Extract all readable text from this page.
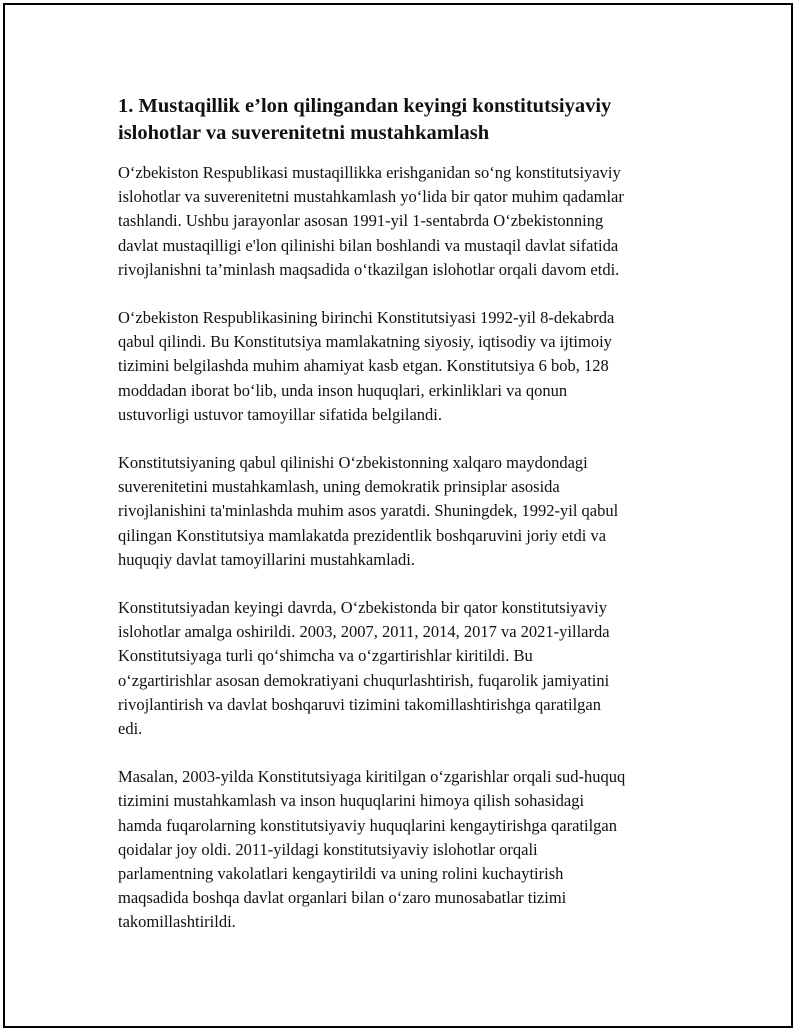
1. Mustaqillik e’lon qilingandan keyingi konstitutsiyaviy
islohotlar va suverenitetni mustahkamlash

O‘zbekiston Respublikasi mustaqillikka erishganidan so‘ng konstitutsiyaviy
islohotlar va suverenitetni mustahkamlash yo‘lida bir qator muhim qadamlar
tashlandi. Ushbu jarayonlar asosan 1991-yil 1-sentabrda O‘zbekistonning
davlat mustaqilligi e'lon qilinishi bilan boshlandi va mustaqil davlat sifatida
rivojlanishni ta’minlash maqsadida o‘tkazilgan islohotlar orqali davom etdi.

O‘zbekiston Respublikasining birinchi Konstitutsiyasi 1992-yil 8-dekabrda
qabul qilindi. Bu Konstitutsiya mamlakatning siyosiy, iqtisodiy va ijtimoiy
tizimini belgilashda muhim ahamiyat kasb etgan. Konstitutsiya 6 bob, 128
moddadan iborat bo‘lib, unda inson huquqlari, erkinliklari va qonun
ustuvorligi ustuvor tamoyillar sifatida belgilandi.

Konstitutsiyaning qabul qilinishi O‘zbekistonning xalqaro maydondagi
suverenitetini mustahkamlash, uning demokratik prinsiplar asosida
rivojlanishini ta'minlashda muhim asos yaratdi. Shuningdek, 1992-yil qabul
qilingan Konstitutsiya mamlakatda prezidentlik boshqaruvini joriy etdi va
huquqiy davlat tamoyillarini mustahkamladi.

Konstitutsiyadan keyingi davrda, O‘zbekistonda bir qator konstitutsiyaviy
islohotlar amalga oshirildi. 2003, 2007, 2011, 2014, 2017 va 2021-yillarda
Konstitutsiyaga turli qo‘shimcha va o‘zgartirishlar kiritildi. Bu
o‘zgartirishlar asosan demokratiyani chuqurlashtirish, fuqarolik jamiyatini
rivojlantirish va davlat boshqaruvi tizimini takomillashtirishga qaratilgan
edi.

Masalan, 2003-yilda Konstitutsiyaga kiritilgan o‘zgarishlar orqali sud-huquq
tizimini mustahkamlash va inson huquqlarini himoya qilish sohasidagi
hamda fuqarolarning konstitutsiyaviy huquqlarini kengaytirishga qaratilgan
qoidalar joy oldi. 2011-yildagi konstitutsiyaviy islohotlar orqali
parlamentning vakolatlari kengaytirildi va uning rolini kuchaytirish
maqsadida boshqa davlat organlari bilan o‘zaro munosabatlar tizimi
takomillashtirildi.
